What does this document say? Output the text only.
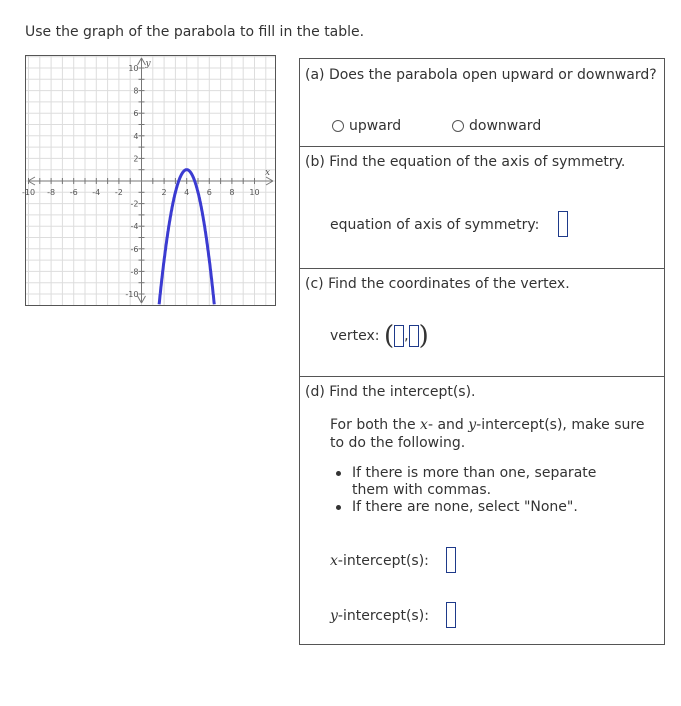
Use the graph of the parabola to fill in the table.
-10 -8 -6 -4 -2	2 4 6 8 10
10
8
6
4
2
-2
-4
-6
-8
-10
x
y
(a) Does the parabola open upward or downward?
upward	downward
(b) Find the equation of the axis of symmetry.
equation of axis of symmetry:
(c) Find the coordinates of the vertex.
vertex: ( , )
(d) Find the intercept(s).
For both the x- and y-intercept(s), make sure
to do the following.
If there is more than one, separate them with commas.
If there are none, select "None".
x-intercept(s):
y-intercept(s):
